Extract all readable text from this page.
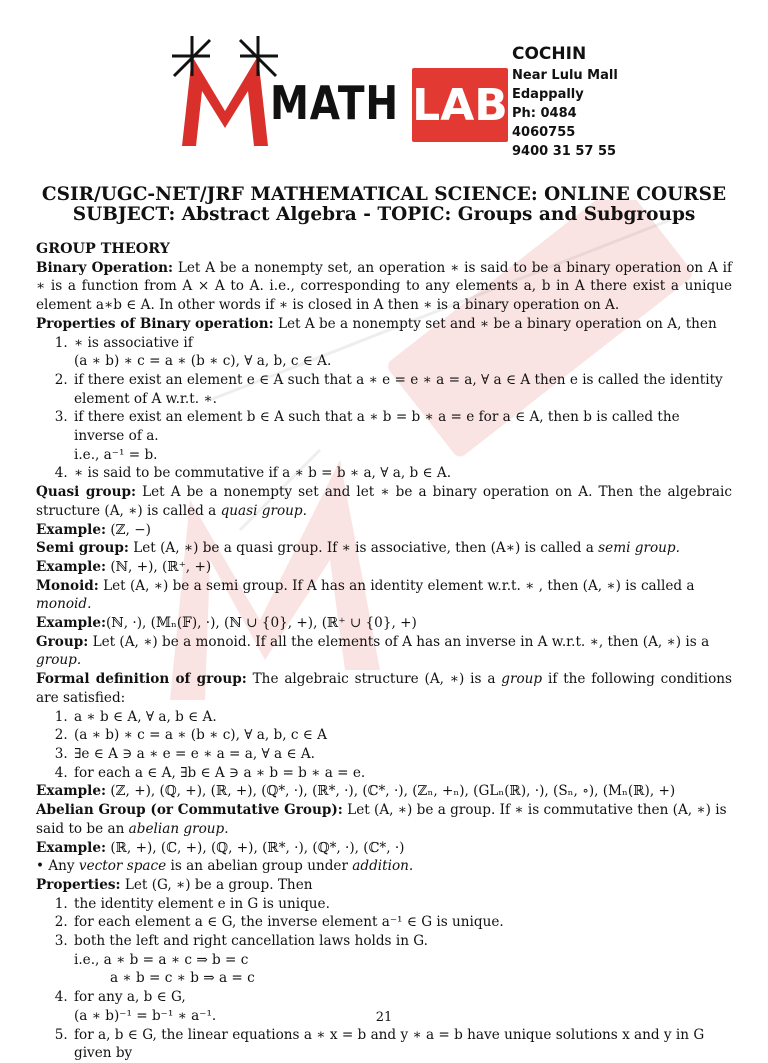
MATH LAB
COCHIN
Near Lulu Mall
Edappally
Ph: 0484 4060755
9400 31 57 55
CSIR/UGC-NET/JRF MATHEMATICAL SCIENCE: ONLINE COURSE
SUBJECT: Abstract Algebra - TOPIC: Groups and Subgroups

GROUP THEORY

Binary Operation: Let A be a nonempty set, an operation ∗ is said to be a binary operation on A if ∗ is a function from A × A to A. i.e., corresponding to any elements a, b in A there exist a unique element a∗b ∈ A. In other words if ∗ is closed in A then ∗ is a binary operation on A.

Properties of Binary operation: Let A be a nonempty set and ∗ be a binary operation on A, then

1. ∗ is associative if
(a ∗ b) ∗ c = a ∗ (b ∗ c), ∀ a, b, c ∈ A.
2. if there exist an element e ∈ A such that a ∗ e = e ∗ a = a, ∀ a ∈ A then e is called the identity element of A w.r.t. ∗.
3. if there exist an element b ∈ A such that a ∗ b = b ∗ a = e for a ∈ A, then b is called the inverse of a.
i.e., a⁻¹ = b.
4. ∗ is said to be commutative if a ∗ b = b ∗ a, ∀ a, b ∈ A.

Quasi group: Let A be a nonempty set and let ∗ be a binary operation on A. Then the algebraic structure (A, ∗) is called a quasi group.

Example: (ℤ, −)

Semi group: Let (A, ∗) be a quasi group. If ∗ is associative, then (A∗) is called a semi group.

Example: (ℕ, +), (ℝ⁺, +)

Monoid: Let (A, ∗) be a semi group. If A has an identity element w.r.t. ∗ , then (A, ∗) is called a monoid.

Example:(ℕ, ·), (𝕄ₙ(𝔽), ·), (ℕ ∪ {0}, +), (ℝ⁺ ∪ {0}, +)

Group: Let (A, ∗) be a monoid. If all the elements of A has an inverse in A w.r.t. ∗, then (A, ∗) is a group.

Formal definition of group: The algebraic structure (A, ∗) is a group if the following conditions are satisfied:

1. a ∗ b ∈ A, ∀ a, b ∈ A.
2. (a ∗ b) ∗ c = a ∗ (b ∗ c), ∀ a, b, c ∈ A
3. ∃e ∈ A ∋ a ∗ e = e ∗ a = a, ∀ a ∈ A.
4. for each a ∈ A, ∃b ∈ A ∋ a ∗ b = b ∗ a = e.

Example: (ℤ, +), (ℚ, +), (ℝ, +), (ℚ*, ·), (ℝ*, ·), (ℂ*, ·), (ℤₙ, +ₙ), (GLₙ(ℝ), ·), (Sₙ, ∘), (Mₙ(ℝ), +) Abelian Group (or Commutative Group): Let (A, ∗) be a group. If ∗ is commutative then (A, ∗) is said to be an abelian group.

Example: (ℝ, +), (ℂ, +), (ℚ, +), (ℝ*, ·), (ℚ*, ·), (ℂ*, ·)

• Any vector space is an abelian group under addition.

Properties: Let (G, ∗) be a group. Then

1. the identity element e in G is unique.
2. for each element a ∈ G, the inverse element a⁻¹ ∈ G is unique.
3. both the left and right cancellation laws holds in G.
i.e., a ∗ b = a ∗ c ⇒ b = c
a ∗ b = c ∗ b ⇒ a = c
4. for any a, b ∈ G,
(a ∗ b)⁻¹ = b⁻¹ ∗ a⁻¹.
5. for a, b ∈ G, the linear equations a ∗ x = b and y ∗ a = b have unique solutions x and y in G given by
21
